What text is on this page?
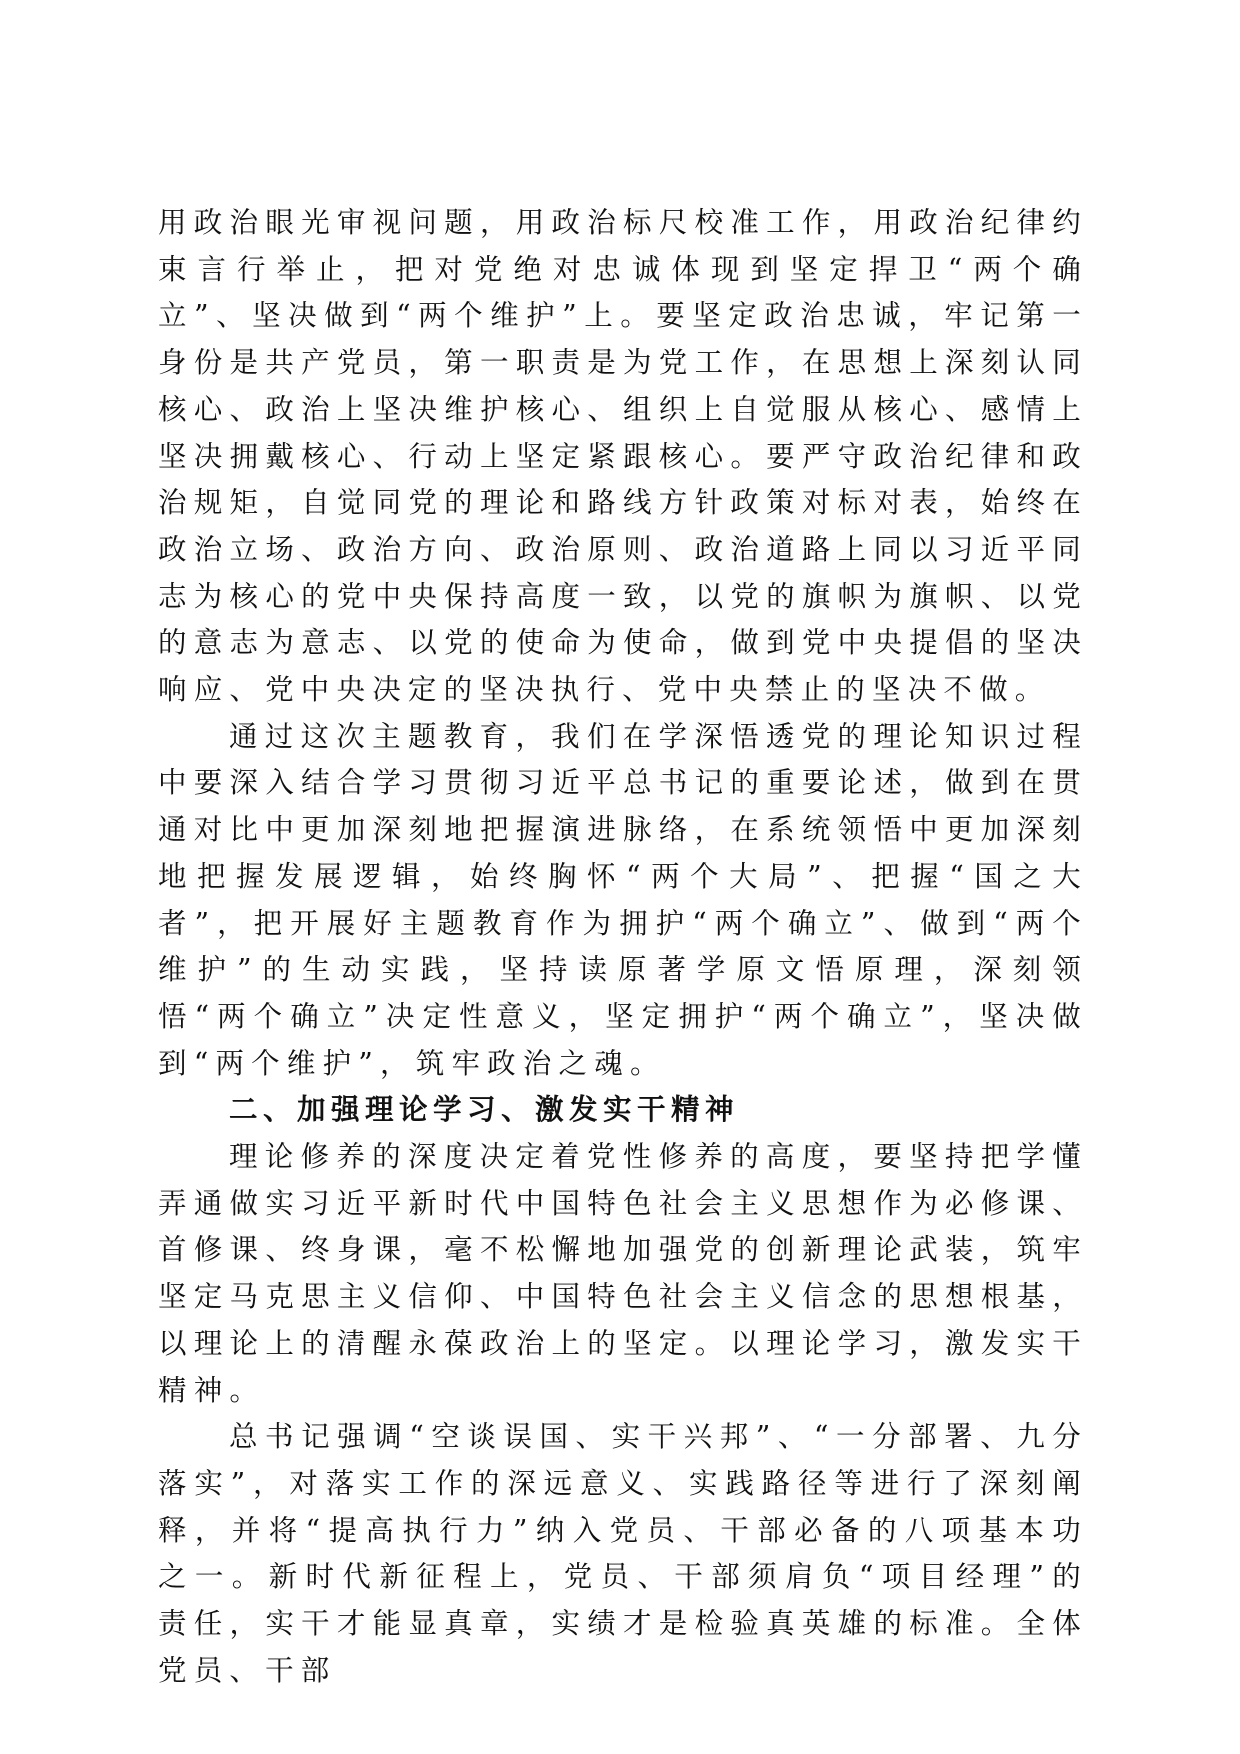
用政治眼光审视问题，用政治标尺校准工作，用政治纪律约束言行举止，把对党绝对忠诚体现到坚定捍卫“两个确立”、坚决做到“两个维护”上。要坚定政治忠诚，牢记第一身份是共产党员，第一职责是为党工作，在思想上深刻认同核心、政治上坚决维护核心、组织上自觉服从核心、感情上坚决拥戴核心、行动上坚定紧跟核心。要严守政治纪律和政治规矩，自觉同党的理论和路线方针政策对标对表，始终在政治立场、政治方向、政治原则、政治道路上同以习近平同志为核心的党中央保持高度一致，以党的旗帜为旗帜、以党的意志为意志、以党的使命为使命，做到党中央提倡的坚决响应、党中央决定的坚决执行、党中央禁止的坚决不做。

通过这次主题教育，我们在学深悟透党的理论知识过程中要深入结合学习贯彻习近平总书记的重要论述，做到在贯通对比中更加深刻地把握演进脉络，在系统领悟中更加深刻地把握发展逻辑，始终胸怀“两个大局”、把握“国之大者”，把开展好主题教育作为拥护“两个确立”、做到“两个维护”的生动实践，坚持读原著学原文悟原理，深刻领悟“两个确立”决定性意义，坚定拥护“两个确立”，坚决做到“两个维护”，筑牢政治之魂。

二、加强理论学习、激发实干精神

理论修养的深度决定着党性修养的高度，要坚持把学懂弄通做实习近平新时代中国特色社会主义思想作为必修课、首修课、终身课，毫不松懈地加强党的创新理论武装，筑牢坚定马克思主义信仰、中国特色社会主义信念的思想根基，以理论上的清醒永葆政治上的坚定。以理论学习，激发实干精神。

总书记强调“空谈误国、实干兴邦”、“一分部署、九分落实”，对落实工作的深远意义、实践路径等进行了深刻阐释，并将“提高执行力”纳入党员、干部必备的八项基本功之一。新时代新征程上，党员、干部须肩负“项目经理”的责任，实干才能显真章，实绩才是检验真英雄的标准。全体党员、干部
